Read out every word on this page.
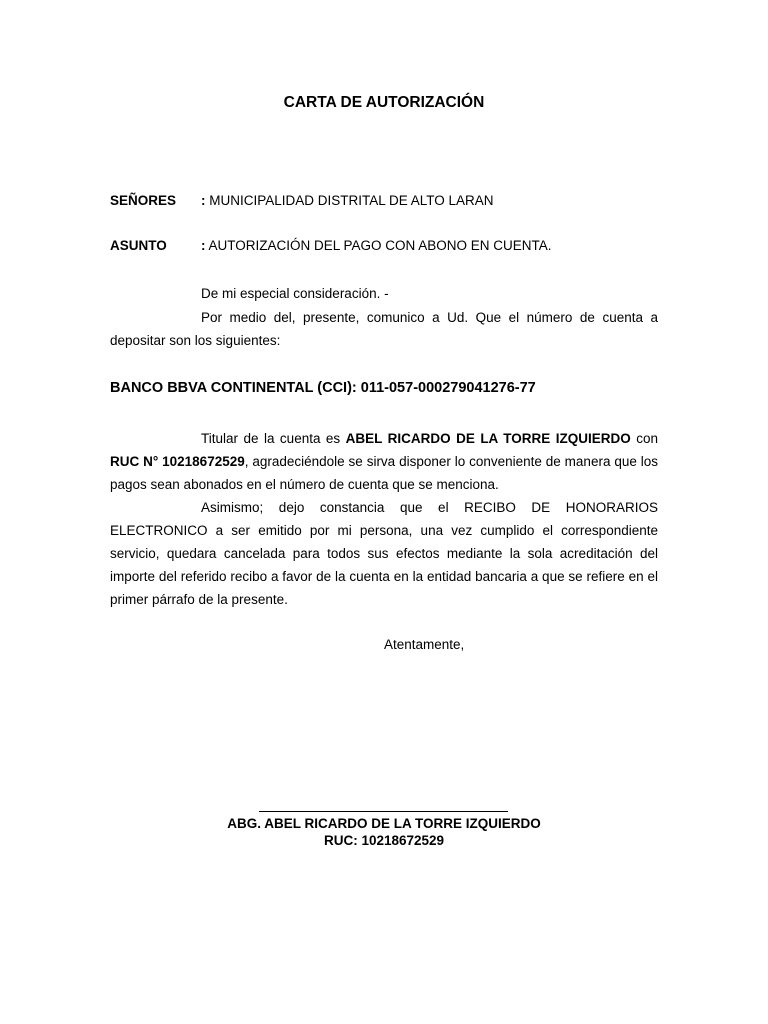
CARTA DE AUTORIZACIÓN
SEÑORES : MUNICIPALIDAD DISTRITAL DE ALTO LARAN
ASUNTO	: AUTORIZACIÓN DEL PAGO CON ABONO EN CUENTA.
De mi especial consideración. -
Por medio del, presente, comunico a Ud. Que el número de cuenta a depositar son los siguientes:
BANCO BBVA CONTINENTAL (CCI): 011-057-000279041276-77
Titular de la cuenta es ABEL RICARDO DE LA TORRE IZQUIERDO con RUC N° 10218672529, agradeciéndole se sirva disponer lo conveniente de manera que los pagos sean abonados en el número de cuenta que se menciona.
Asimismo; dejo constancia que el RECIBO DE HONORARIOS ELECTRONICO a ser emitido por mi persona, una vez cumplido el correspondiente servicio, quedara cancelada para todos sus efectos mediante la sola acreditación del importe del referido recibo a favor de la cuenta en la entidad bancaria a que se refiere en el primer párrafo de la presente.
Atentamente,
ABG. ABEL RICARDO DE LA TORRE IZQUIERDO
RUC: 10218672529
